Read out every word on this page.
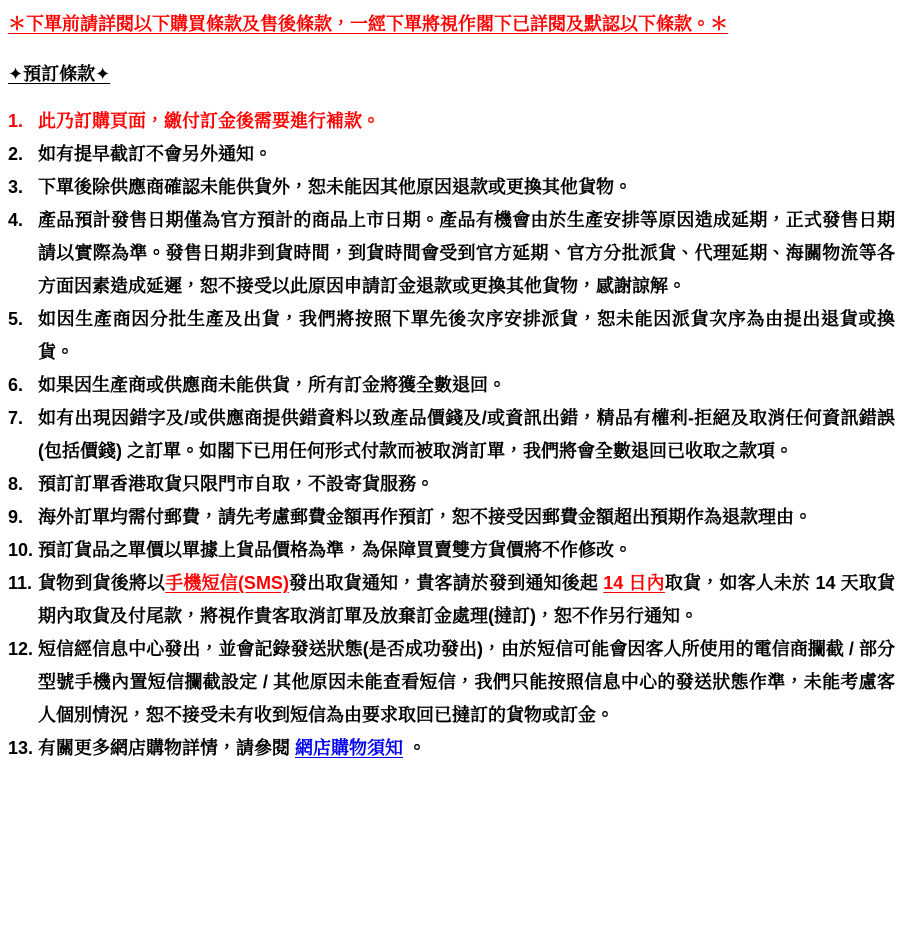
＊下單前請詳閱以下購買條款及售後條款，一經下單將視作閣下已詳閱及默認以下條款。＊

✦預訂條款✦

1. 此乃訂購頁面，繳付訂金後需要進行補款。
2. 如有提早截訂不會另外通知。
3. 下單後除供應商確認未能供貨外，恕未能因其他原因退款或更換其他貨物。
4. 產品預計發售日期僅為官方預計的商品上市日期。產品有機會由於生產安排等原因造成延期，正式發售日期請以實際為準。發售日期非到貨時間，到貨時間會受到官方延期、官方分批派貨、代理延期、海關物流等各方面因素造成延遲，恕不接受以此原因申請訂金退款或更換其他貨物，感謝諒解。
5. 如因生產商因分批生產及出貨，我們將按照下單先後次序安排派貨，恕未能因派貨次序為由提出退貨或換貨。
6. 如果因生產商或供應商未能供貨，所有訂金將獲全數退回。
7. 如有出現因錯字及/或供應商提供錯資料以致產品價錢及/或資訊出錯，精品有權利-拒絕及取消任何資訊錯誤(包括價錢) 之訂單。如閣下已用任何形式付款而被取消訂單，我們將會全數退回已收取之款項。
8. 預訂訂單香港取貨只限門市自取，不設寄貨服務。
9. 海外訂單均需付郵費，請先考慮郵費金額再作預訂，恕不接受因郵費金額超出預期作為退款理由。
10. 預訂貨品之單價以單據上貨品價格為準，為保障買賣雙方貨價將不作修改。
11. 貨物到貨後將以手機短信(SMS)發出取貨通知，貴客請於發到通知後起 14 日內取貨，如客人未於 14 天取貨期內取貨及付尾款，將視作貴客取消訂單及放棄訂金處理(撻訂)，恕不作另行通知。
12. 短信經信息中心發出，並會記錄發送狀態(是否成功發出)，由於短信可能會因客人所使用的電信商攔截 / 部分型號手機內置短信攔截設定 / 其他原因未能查看短信，我們只能按照信息中心的發送狀態作準，未能考慮客人個別情況，恕不接受未有收到短信為由要求取回已撻訂的貨物或訂金。
13. 有關更多網店購物詳情，請參閱 網店購物須知 。
